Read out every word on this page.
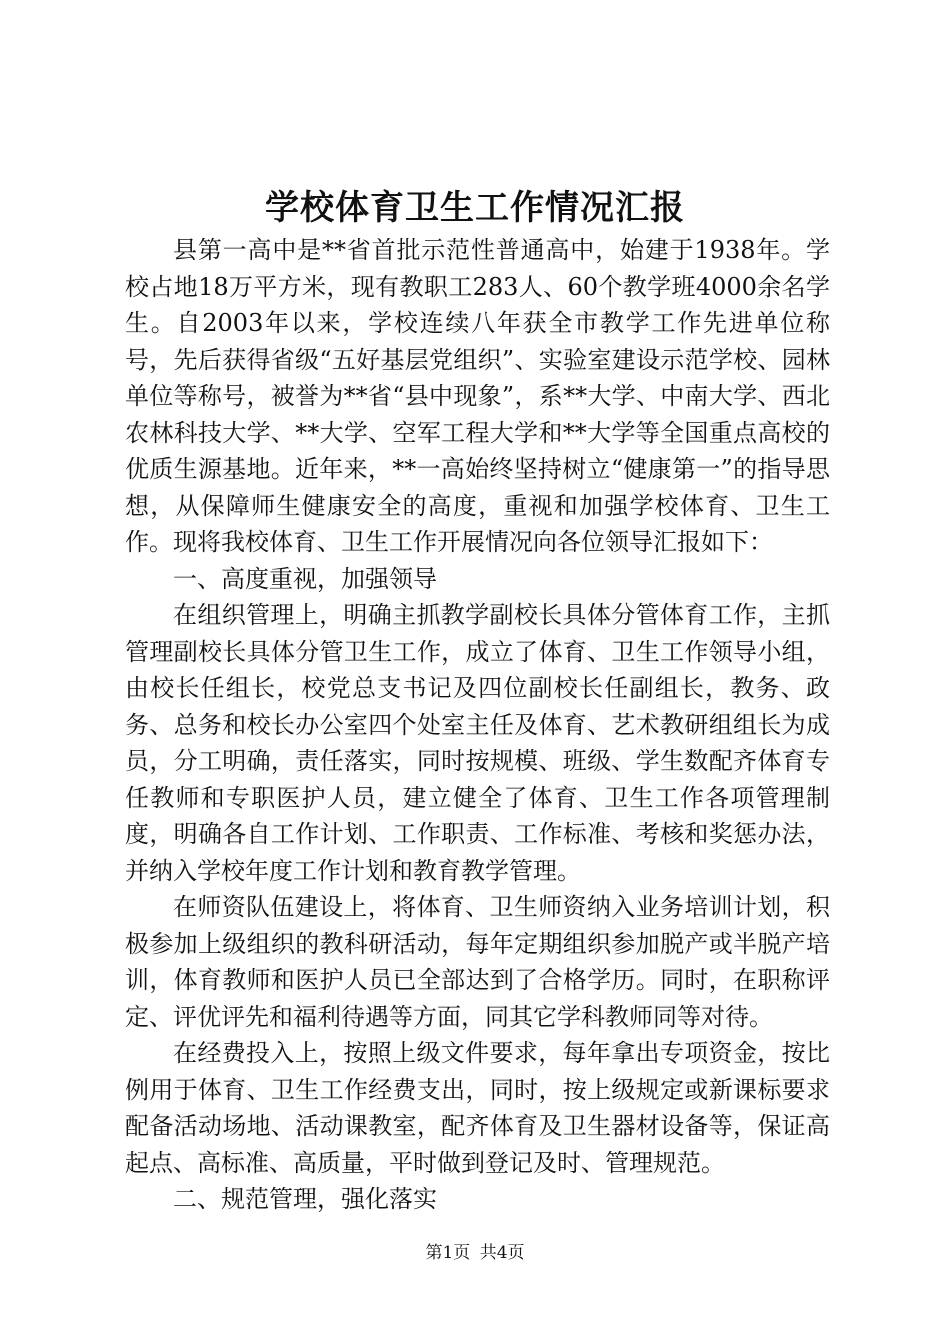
学校体育卫生工作情况汇报

县第一高中是**省首批示范性普通高中，始建于1938年。学校占地18万平方米，现有教职工283人、60个教学班4000余名学生。自2003年以来，学校连续八年获全市教学工作先进单位称号，先后获得省级“五好基层党组织”、实验室建设示范学校、园林单位等称号，被誉为**省“县中现象”，系**大学、中南大学、西北农林科技大学、**大学、空军工程大学和**大学等全国重点高校的优质生源基地。近年来，**一高始终坚持树立“健康第一”的指导思想，从保障师生健康安全的高度，重视和加强学校体育、卫生工作。现将我校体育、卫生工作开展情况向各位领导汇报如下：

一、高度重视，加强领导

在组织管理上，明确主抓教学副校长具体分管体育工作，主抓管理副校长具体分管卫生工作，成立了体育、卫生工作领导小组，由校长任组长，校党总支书记及四位副校长任副组长，教务、政务、总务和校长办公室四个处室主任及体育、艺术教研组组长为成员，分工明确，责任落实，同时按规模、班级、学生数配齐体育专任教师和专职医护人员，建立健全了体育、卫生工作各项管理制度，明确各自工作计划、工作职责、工作标准、考核和奖惩办法，并纳入学校年度工作计划和教育教学管理。

在师资队伍建设上，将体育、卫生师资纳入业务培训计划，积极参加上级组织的教科研活动，每年定期组织参加脱产或半脱产培训，体育教师和医护人员已全部达到了合格学历。同时，在职称评定、评优评先和福利待遇等方面，同其它学科教师同等对待。

在经费投入上，按照上级文件要求，每年拿出专项资金，按比例用于体育、卫生工作经费支出，同时，按上级规定或新课标要求配备活动场地、活动课教室，配齐体育及卫生器材设备等，保证高起点、高标准、高质量，平时做到登记及时、管理规范。

二、规范管理，强化落实

第1页 共4页
